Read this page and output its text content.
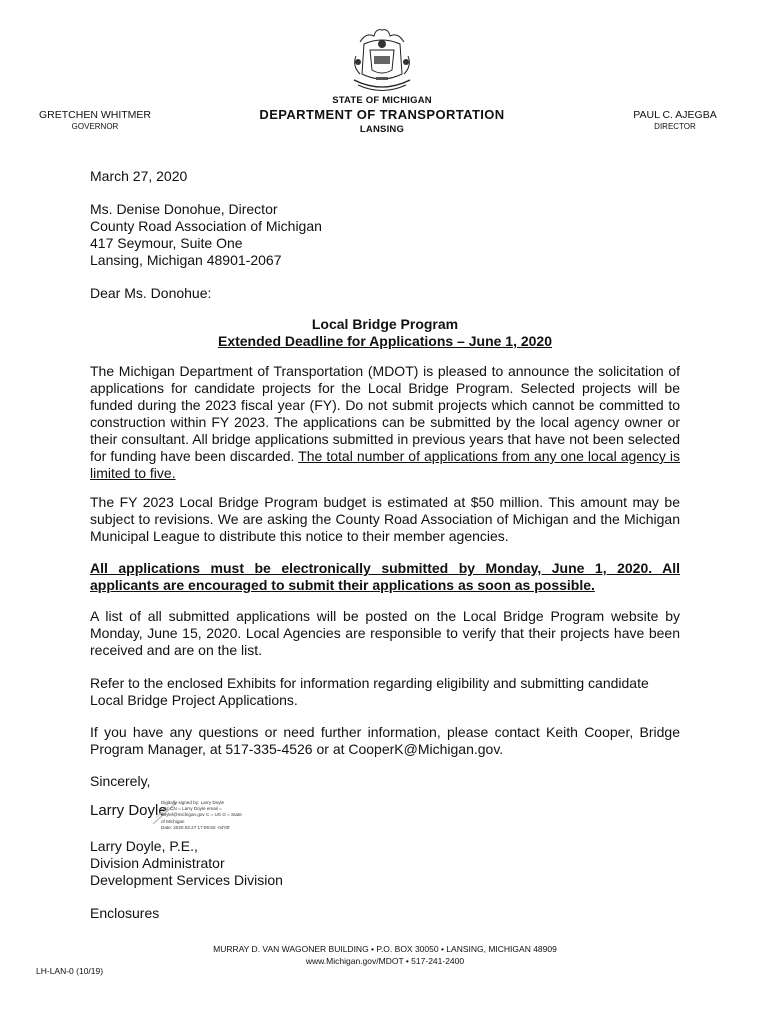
GRETCHEN WHITMER
GOVERNOR
STATE OF MICHIGAN
DEPARTMENT OF TRANSPORTATION
LANSING
PAUL C. AJEGBA
DIRECTOR
March 27, 2020
Ms. Denise Donohue, Director
County Road Association of Michigan
417 Seymour, Suite One
Lansing, Michigan 48901-2067
Dear Ms. Donohue:
Local Bridge Program
Extended Deadline for Applications – June 1, 2020
The Michigan Department of Transportation (MDOT) is pleased to announce the solicitation of applications for candidate projects for the Local Bridge Program. Selected projects will be funded during the 2023 fiscal year (FY). Do not submit projects which cannot be committed to construction within FY 2023. The applications can be submitted by the local agency owner or their consultant. All bridge applications submitted in previous years that have not been selected for funding have been discarded. The total number of applications from any one local agency is limited to five.
The FY 2023 Local Bridge Program budget is estimated at $50 million. This amount may be subject to revisions. We are asking the County Road Association of Michigan and the Michigan Municipal League to distribute this notice to their member agencies.
All applications must be electronically submitted by Monday, June 1, 2020. All applicants are encouraged to submit their applications as soon as possible.
A list of all submitted applications will be posted on the Local Bridge Program website by Monday, June 15, 2020. Local Agencies are responsible to verify that their projects have been received and are on the list.
Refer to the enclosed Exhibits for information regarding eligibility and submitting candidate Local Bridge Project Applications.
If you have any questions or need further information, please contact Keith Cooper, Bridge Program Manager, at 517-335-4526 or at CooperK@Michigan.gov.
Sincerely,
Larry Doyle
Digitally signed by: Larry Doyle
DN: CN = Larry Doyle email =
doylel@michigan.gov C = US O = State
of Michigan
Date: 2020.03.27 17:06:50 -04'00'
Larry Doyle, P.E.,
Division Administrator
Development Services Division
Enclosures
MURRAY D. VAN WAGONER BUILDING • P.O. BOX 30050 • LANSING, MICHIGAN 48909
www.Michigan.gov/MDOT • 517-241-2400
LH-LAN-0 (10/19)
